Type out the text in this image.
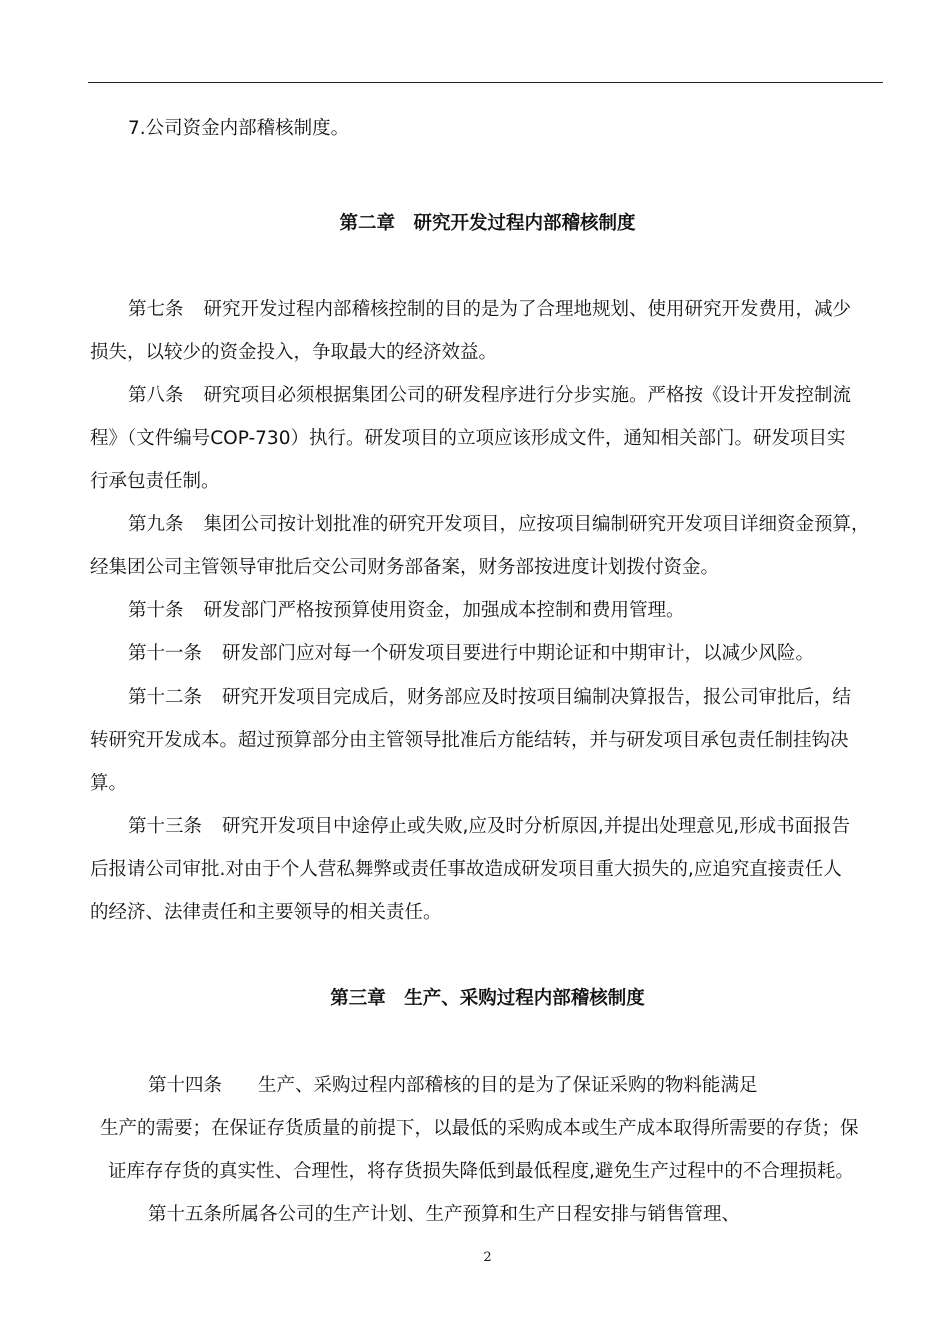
7.公司资金内部稽核制度。
第二章　研究开发过程内部稽核制度
第七条 研究开发过程内部稽核控制的目的是为了合理地规划、使用研究开发费用，减少
损失，以较少的资金投入，争取最大的经济效益。
第八条 研究项目必须根据集团公司的研发程序进行分步实施。严格按《设计开发控制流
程》（文件编号COP-730）执行。研发项目的立项应该形成文件，通知相关部门。研发项目实
行承包责任制。
第九条 集团公司按计划批准的研究开发项目，应按项目编制研究开发项目详细资金预算，
经集团公司主管领导审批后交公司财务部备案，财务部按进度计划拨付资金。
第十条 研发部门严格按预算使用资金，加强成本控制和费用管理。
第十一条 研发部门应对每一个研发项目要进行中期论证和中期审计，以减少风险。
第十二条 研究开发项目完成后，财务部应及时按项目编制决算报告，报公司审批后，结
转研究开发成本。超过预算部分由主管领导批准后方能结转，并与研发项目承包责任制挂钩决
算。
第十三条 研究开发项目中途停止或失败,应及时分析原因,并提出处理意见,形成书面报告
后报请公司审批.对由于个人营私舞弊或责任事故造成研发项目重大损失的,应追究直接责任人
的经济、法律责任和主要领导的相关责任。
第三章　生产、采购过程内部稽核制度
第十四条 生产、采购过程内部稽核的目的是为了保证采购的物料能满足
生产的需要；在保证存货质量的前提下，以最低的采购成本或生产成本取得所需要的存货；保
证库存存货的真实性、合理性，将存货损失降低到最低程度,避免生产过程中的不合理损耗。
第十五条所属各公司的生产计划、生产预算和生产日程安排与销售管理、
2
